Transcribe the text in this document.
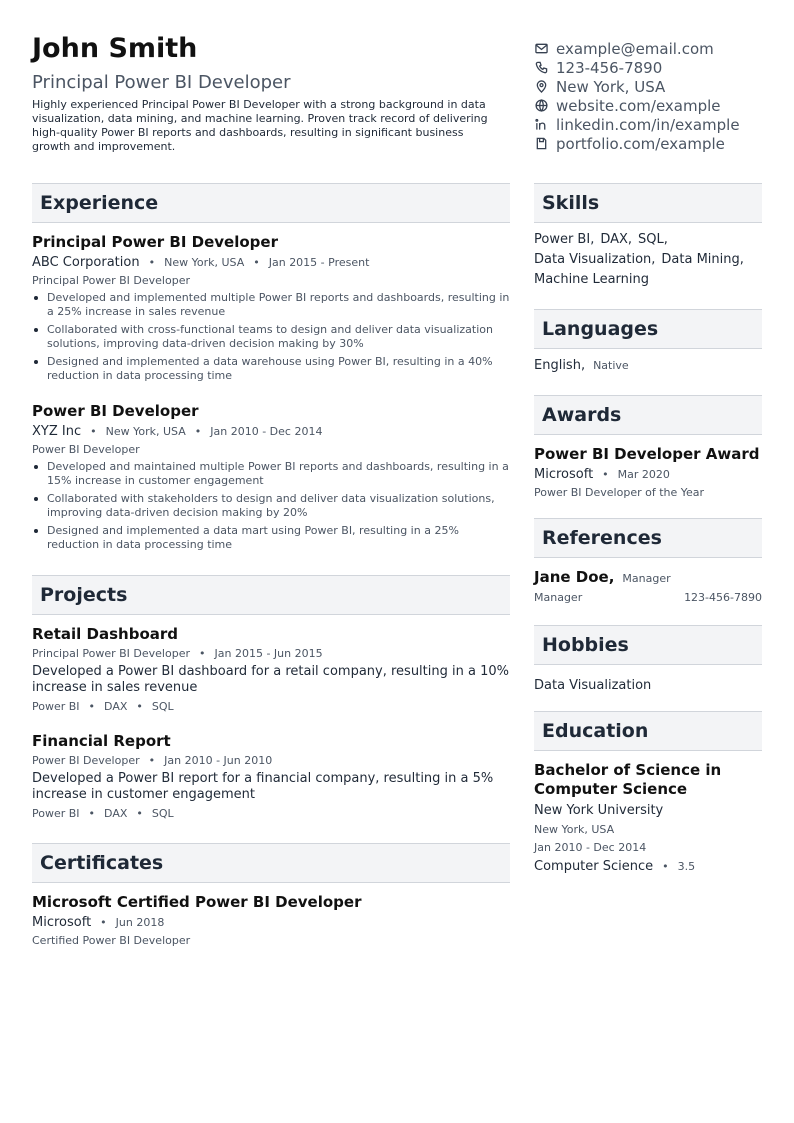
John Smith
Principal Power BI Developer

Highly experienced Principal Power BI Developer with a strong background in data visualization, data mining, and machine learning. Proven track record of delivering high-quality Power BI reports and dashboards, resulting in significant business growth and improvement.

example@email.com
123-456-7890
New York, USA
website.com/example
linkedin.com/in/example
portfolio.com/example
Experience
Principal Power BI Developer
ABC Corporation • New York, USA • Jan 2015 - Present
Principal Power BI Developer
Developed and implemented multiple Power BI reports and dashboards, resulting in a 25% increase in sales revenue
Collaborated with cross-functional teams to design and deliver data visualization solutions, improving data-driven decision making by 30%
Designed and implemented a data warehouse using Power BI, resulting in a 40% reduction in data processing time
Power BI Developer
XYZ Inc • New York, USA • Jan 2010 - Dec 2014
Power BI Developer
Developed and maintained multiple Power BI reports and dashboards, resulting in a 15% increase in customer engagement
Collaborated with stakeholders to design and deliver data visualization solutions, improving data-driven decision making by 20%
Designed and implemented a data mart using Power BI, resulting in a 25% reduction in data processing time
Projects
Retail Dashboard
Principal Power BI Developer • Jan 2015 - Jun 2015
Developed a Power BI dashboard for a retail company, resulting in a 10% increase in sales revenue
Power BI • DAX • SQL
Financial Report
Power BI Developer • Jan 2010 - Jun 2010
Developed a Power BI report for a financial company, resulting in a 5% increase in customer engagement
Power BI • DAX • SQL
Certificates
Microsoft Certified Power BI Developer
Microsoft • Jun 2018
Certified Power BI Developer
Skills
Power BI, DAX, SQL,
Data Visualization, Data Mining,
Machine Learning
Languages
English, Native
Awards
Power BI Developer Award
Microsoft • Mar 2020
Power BI Developer of the Year
References
Jane Doe, Manager
Manager	123-456-7890
Hobbies
Data Visualization
Education
Bachelor of Science in
Computer Science
New York University
New York, USA
Jan 2010 - Dec 2014
Computer Science • 3.5
